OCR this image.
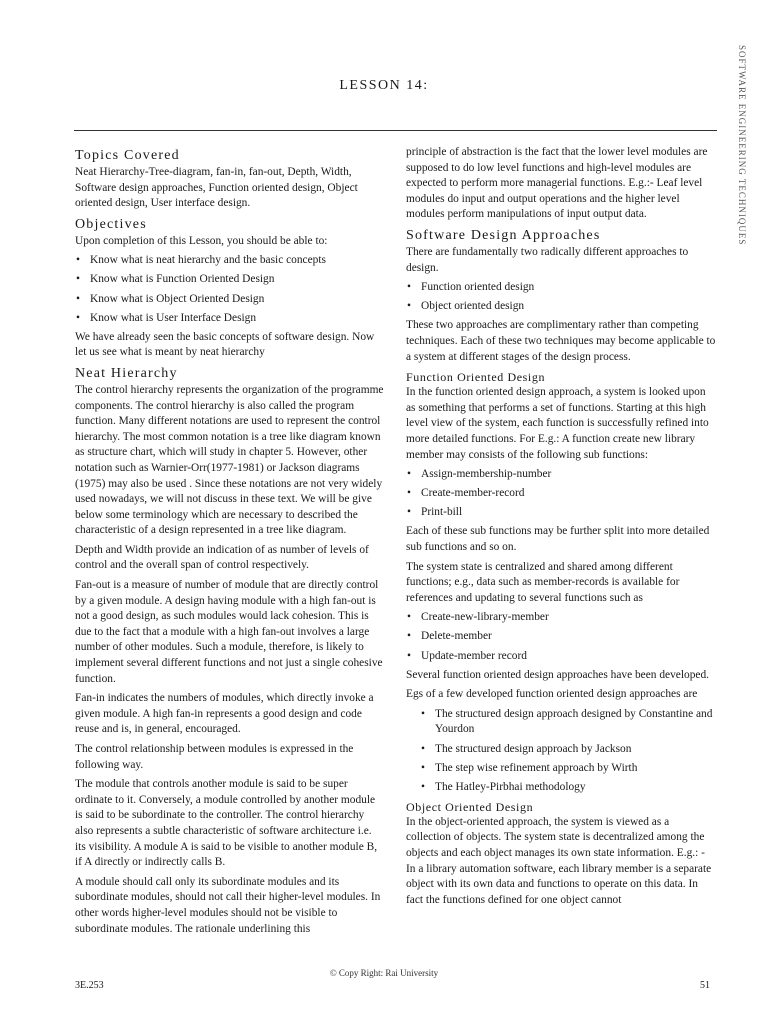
SOFTWARE ENGINEERING TECHNIQUES
LESSON 14:
Topics Covered

Neat Hierarchy-Tree-diagram, fan-in, fan-out, Depth, Width, Software design approaches, Function oriented design, Object oriented design, User interface design.

Objectives

Upon completion of this Lesson, you should be able to:

• Know what is neat hierarchy and the basic concepts
• Know what is Function Oriented Design
• Know what is Object Oriented Design
• Know what is User Interface Design

We have already seen the basic concepts of software design. Now let us see what is meant by neat hierarchy

Neat Hierarchy

The control hierarchy represents the organization of the programme components. The control hierarchy is also called the program function. Many different notations are used to represent the control hierarchy. The most common notation is a tree like diagram known as structure chart, which will study in chapter 5. However, other notation such as Warnier-Orr(1977-1981) or Jackson diagrams (1975) may also be used . Since these notations are not very widely used nowadays, we will not discuss in these text. We will be give below some terminology which are necessary to described the characteristic of a design represented in a tree like diagram.

Depth and Width provide an indication of as number of levels of control and the overall span of control respectively.

Fan-out is a measure of number of module that are directly control by a given module. A design having module with a high fan-out is not a good design, as such modules would lack cohesion. This is due to the fact that a module with a high fan-out involves a large number of other modules. Such a module, therefore, is likely to implement several different functions and not just a single cohesive function.

Fan-in indicates the numbers of modules, which directly invoke a given module. A high fan-in represents a good design and code reuse and is, in general, encouraged.

The control relationship between modules is expressed in the following way.

The module that controls another module is said to be super ordinate to it. Conversely, a module controlled by another module is said to be subordinate to the controller. The control hierarchy also represents a subtle characteristic of software architecture i.e. its visibility. A module A is said to be visible to another module B, if A directly or indirectly calls B.

A module should call only its subordinate modules and its subordinate modules, should not call their higher-level modules. In other words higher-level modules should not be visible to subordinate modules. The rationale underlining this

principle of abstraction is the fact that the lower level modules are supposed to do low level functions and high-level modules are expected to perform more managerial functions. E.g.:- Leaf level modules do input and output operations and the higher level modules perform manipulations of input output data.

Software Design Approaches

There are fundamentally two radically different approaches to design.

• Function oriented design
• Object oriented design

These two approaches are complimentary rather than competing techniques. Each of these two techniques may become applicable to a system at different stages of the design process.

Function Oriented Design

In the function oriented design approach, a system is looked upon as something that performs a set of functions. Starting at this high level view of the system, each function is successfully refined into more detailed functions. For E.g.: A function create new library member may consists of the following sub functions:

• Assign-membership-number
• Create-member-record
• Print-bill

Each of these sub functions may be further split into more detailed sub functions and so on.

The system state is centralized and shared among different functions; e.g., data such as member-records is available for references and updating to several functions such as

• Create-new-library-member
• Delete-member
• Update-member record

Several function oriented design approaches have been developed.

Egs of a few developed function oriented design approaches are

• The structured design approach designed by Constantine and Yourdon
• The structured design approach by Jackson
• The step wise refinement approach by Wirth
• The Hatley-Pirbhai methodology
Object Oriented Design

In the object-oriented approach, the system is viewed as a collection of objects. The system state is decentralized among the objects and each object manages its own state information. E.g.: - In a library automation software, each library member is a separate object with its own data and functions to operate on this data. In fact the functions defined for one object cannot

© Copy Right: Rai University
3E.253	51
